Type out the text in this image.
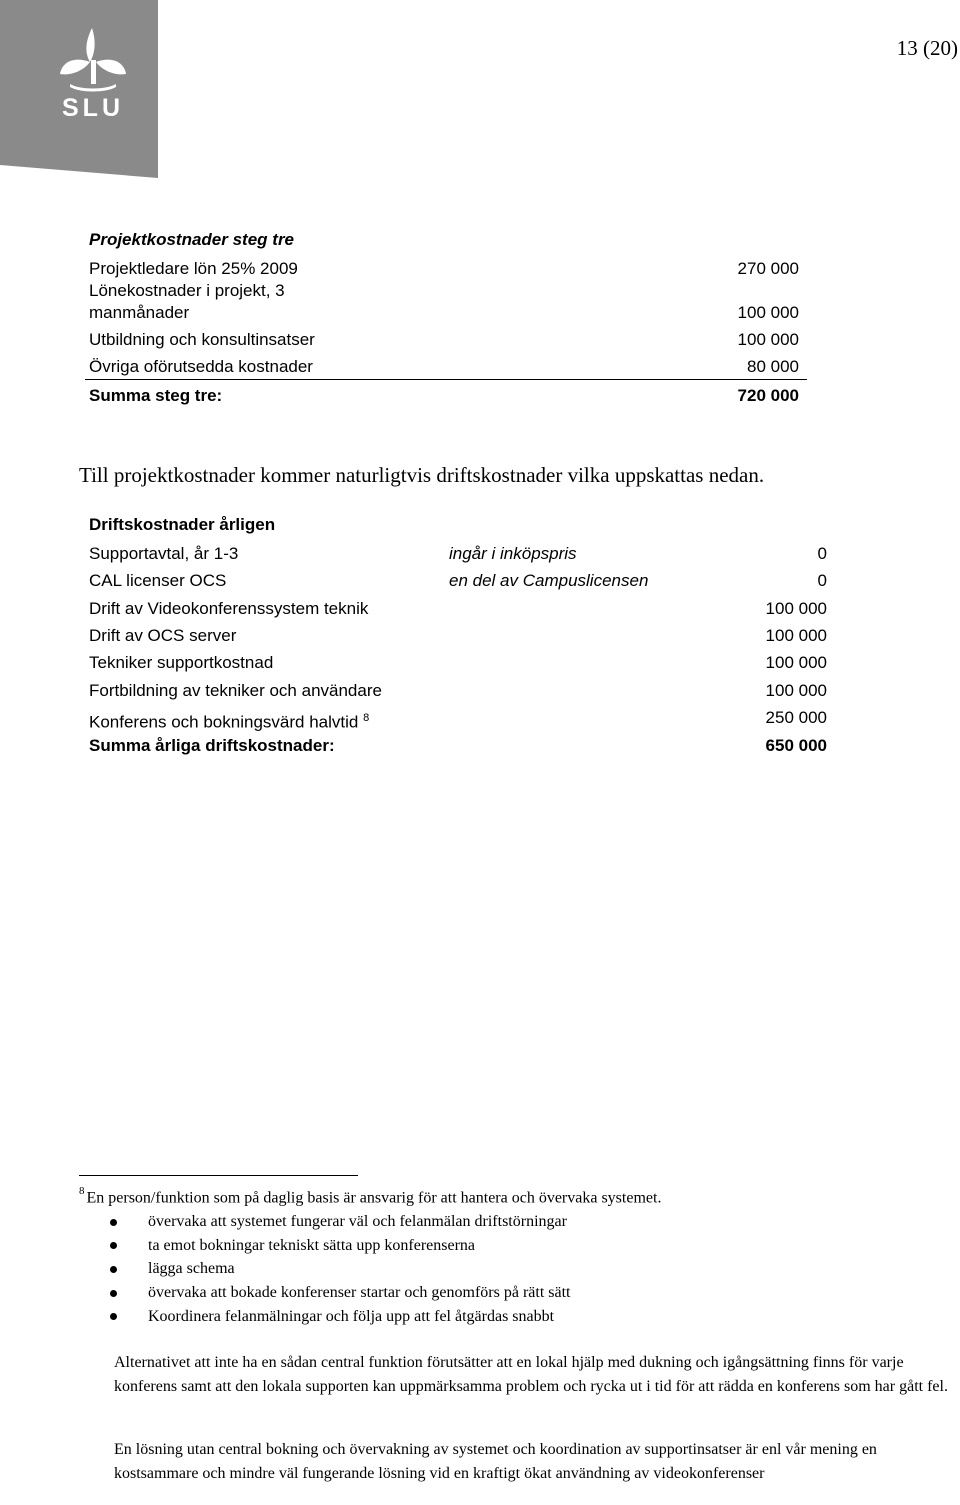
SLU
13 (20)
Projektkostnader steg tre
Projektledare lön 25% 2009	270 000
Lönekostnader i projekt, 3
manmånader	100 000
Utbildning och konsultinsatser	100 000
Övriga oförutsedda kostnader	80 000
Summa steg tre:	720 000
Till projektkostnader kommer naturligtvis driftskostnader vilka uppskattas nedan.
Driftskostnader årligen
Supportavtal, år 1-3	ingår i inköpspris	0
CAL licenser OCS	en del av Campuslicensen	0
Drift av Videokonferenssystem teknik	100 000
Drift av OCS server	100 000
Tekniker supportkostnad	100 000
Fortbildning av tekniker och användare	100 000
Konferens och bokningsvärd halvtid $^8$	250 000
Summa årliga driftskostnader:	650 000
$^8$ En person/funktion som på daglig basis är ansvarig för att hantera och övervaka systemet.
övervaka att systemet fungerar väl och felanmälan driftstörningar
ta emot bokningar tekniskt sätta upp konferenserna
lägga schema
övervaka att bokade konferenser startar och genomförs på rätt sätt
Koordinera felanmälningar och följa upp att fel åtgärdas snabbt

Alternativet att inte ha en sådan central funktion förutsätter att en lokal hjälp med dukning och igångsättning finns för varje konferens samt att den lokala supporten kan uppmärksamma problem och rycka ut i tid för att rädda en konferens som har gått fel.

En lösning utan central bokning och övervakning av systemet och koordination av supportinsatser är enl vår mening en kostsammare och mindre väl fungerande lösning vid en kraftigt ökat användning av videokonferenser
